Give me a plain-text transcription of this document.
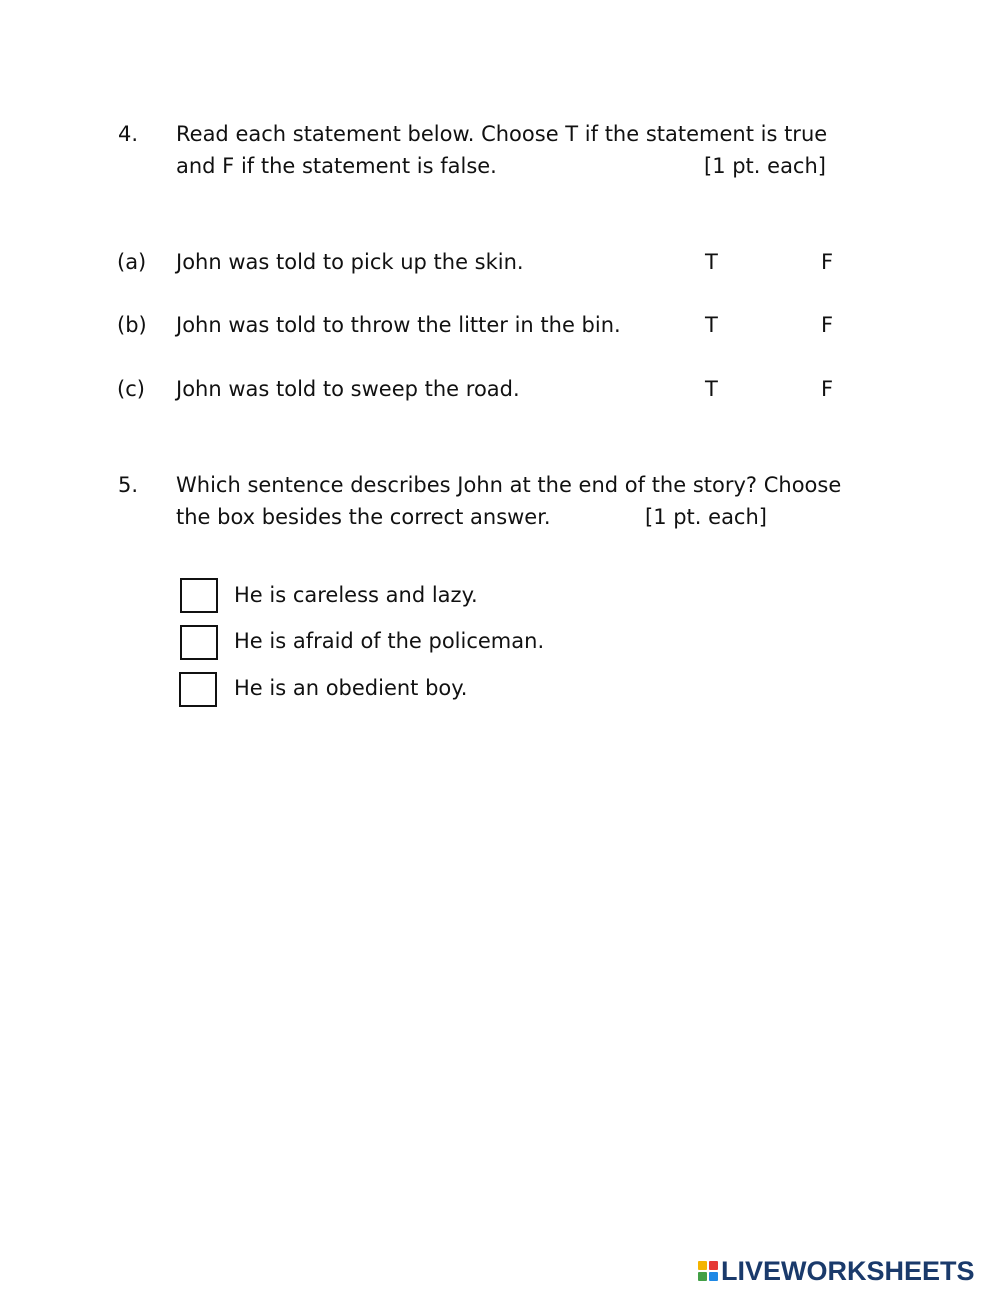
4. Read each statement below. Choose T if the statement is true
and F if the statement is false.	[1 pt. each]
(a) John was told to pick up the skin.	T	F
(b) John was told to throw the litter in the bin.	T	F
(c) John was told to sweep the road.	T	F
5. Which sentence describes John at the end of the story? Choose
the box besides the correct answer.	[1 pt. each]
He is careless and lazy.
He is afraid of the policeman.
He is an obedient boy.
LIVEWORKSHEETS
